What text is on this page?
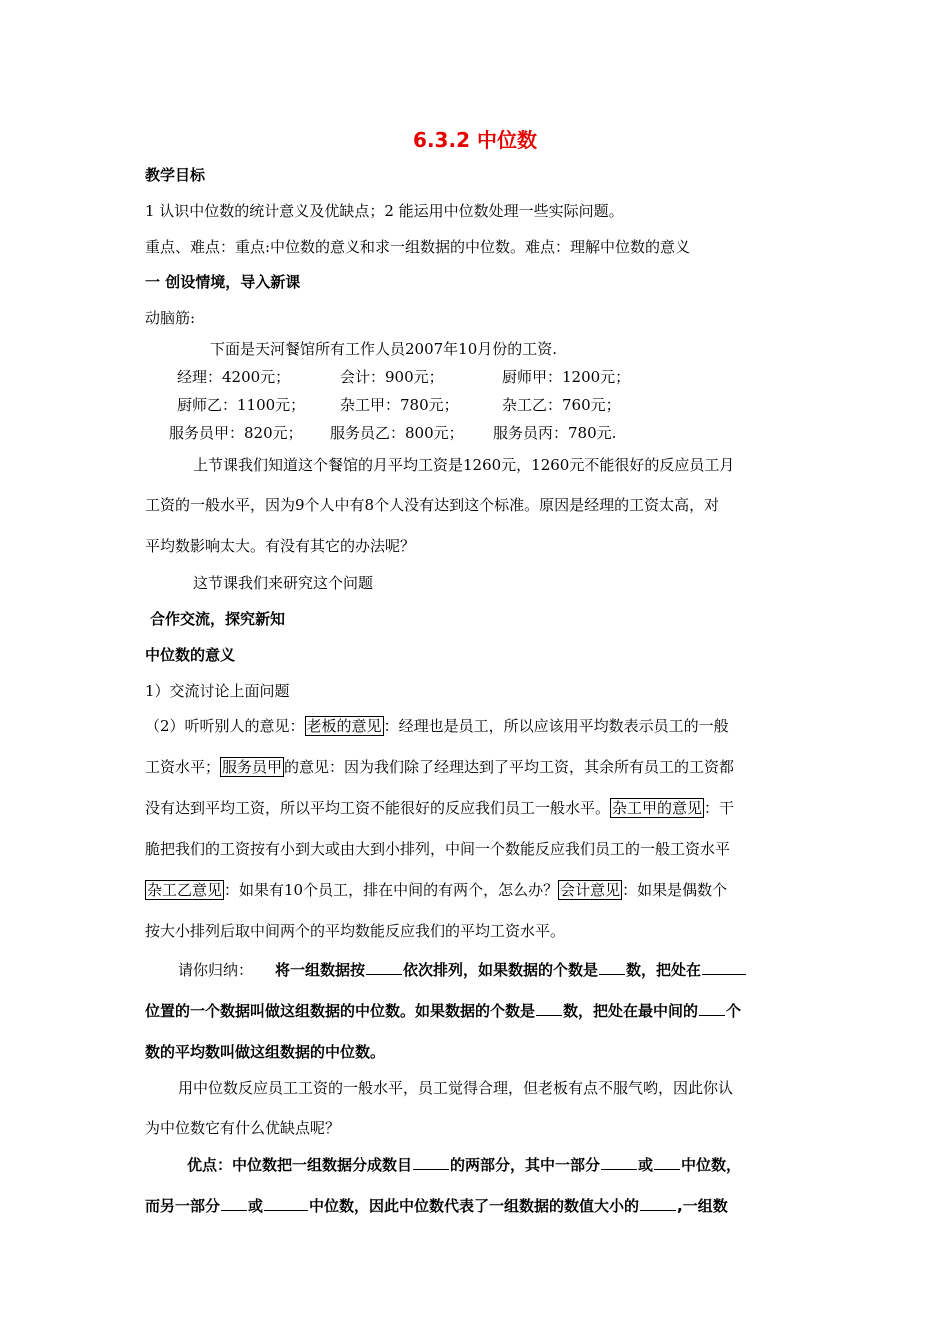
6.3.2 中位数
教学目标
1 认识中位数的统计意义及优缺点；2 能运用中位数处理一些实际问题。
重点、难点：重点:中位数的意义和求一组数据的中位数。难点：理解中位数的意义
一 创设情境，导入新课
动脑筋:
下面是天河餐馆所有工作人员2007年10月份的工资.
经理：4200元；	会计：900元；	厨师甲：1200元；
厨师乙：1100元； 杂工甲：780元；	杂工乙：760元；
服务员甲：820元； 服务员乙：800元； 服务员丙：780元.
上节课我们知道这个餐馆的月平均工资是1260元，1260元不能很好的反应员工月
工资的一般水平，因为9个人中有8个人没有达到这个标准。原因是经理的工资太高，对
平均数影响太大。有没有其它的办法呢？
这节课我们来研究这个问题
合作交流，探究新知
中位数的意义
1）交流讨论上面问题
（2）听听别人的意见： 老板的意见 ：经理也是员工，所以应该用平均数表示员工的一般
工资水平； 服务员甲 的意见：因为我们除了经理达到了平均工资，其余所有员工的工资都
没有达到平均工资，所以平均工资不能很好的反应我们员工一般水平。 杂工甲的意见 ：干
脆把我们的工资按有小到大或由大到小排列，中间一个数能反应我们员工的一般工资水平
杂工乙意见 ：如果有10个员工，排在中间的有两个，怎么办？ 会计意见 ：如果是偶数个
按大小排列后取中间两个的平均数能反应我们的平均工资水平。
请你归纳： 将一组数据按	依次排列，如果数据的个数是 数，把处在
位置的一个数据叫做这组数据的中位数。如果数据的个数是 数，把处在最中间的 个
数的平均数叫做这组数据的中位数。
用中位数反应员工工资的一般水平，员工觉得合理，但老板有点不服气哟，因此你认
为中位数它有什么优缺点呢？
优点：中位数把一组数据分成数目	的两部分，其中一部分	或 中位数，
而另一部分 或	中位数，因此中位数代表了一组数据的数值大小的	,一组数
